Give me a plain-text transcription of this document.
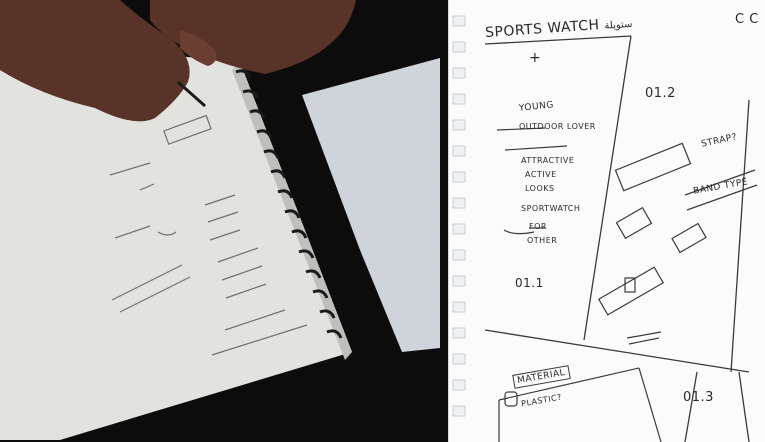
SPORTS WATCH ستويلة	C C
+
YOUNG
OUTDOOR LOVER
ATTRACTIVE
ACTIVE
LOOKS
SPORTWATCH
FOR
OTHER
01.1
01.2
01.3
STRAP?
BAND TYPE
MATERIAL
PLASTIC?
